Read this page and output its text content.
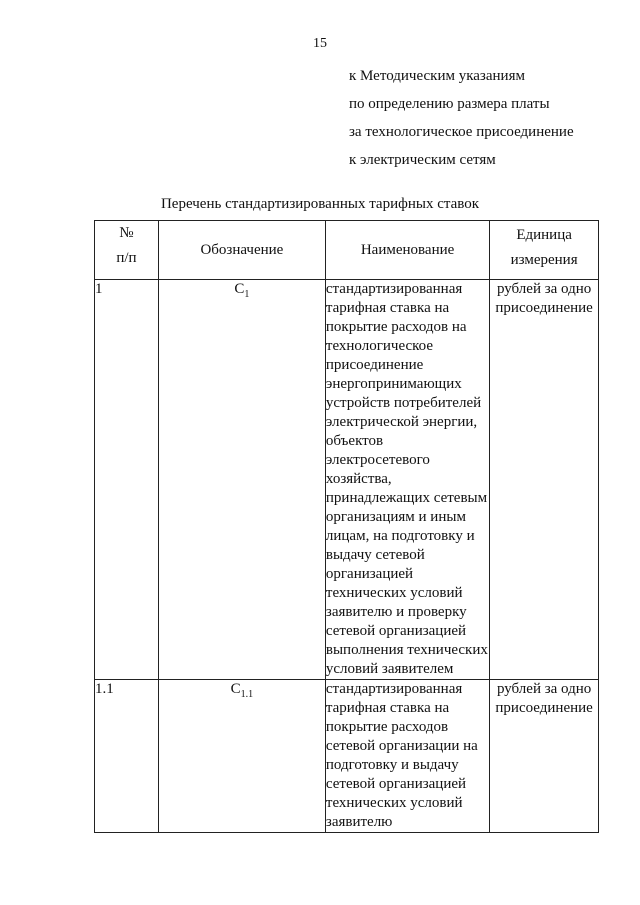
15
к Методическим указаниям
по определению размера платы
за технологическое присоединение
к электрическим сетям
Перечень стандартизированных тарифных ставок
№
п/п	Обозначение	Наименование	Единица
измерения

1	$C_1$	стандартизированная тарифная ставка на покрытие расходов на технологическое присоединение энергопринимающих устройств потребителей электрической энергии, объектов электросетевого хозяйства, принадлежащих сетевым организациям и иным лицам, на подготовку и выдачу сетевой организацией технических условий заявителю и проверку сетевой организацией выполнения технических условий заявителем	рублей за одно
присоединение

1.1	$C_{1.1}$	стандартизированная тарифная ставка на покрытие расходов сетевой организации на подготовку и выдачу сетевой организацией технических условий заявителю	рублей за одно
присоединение
